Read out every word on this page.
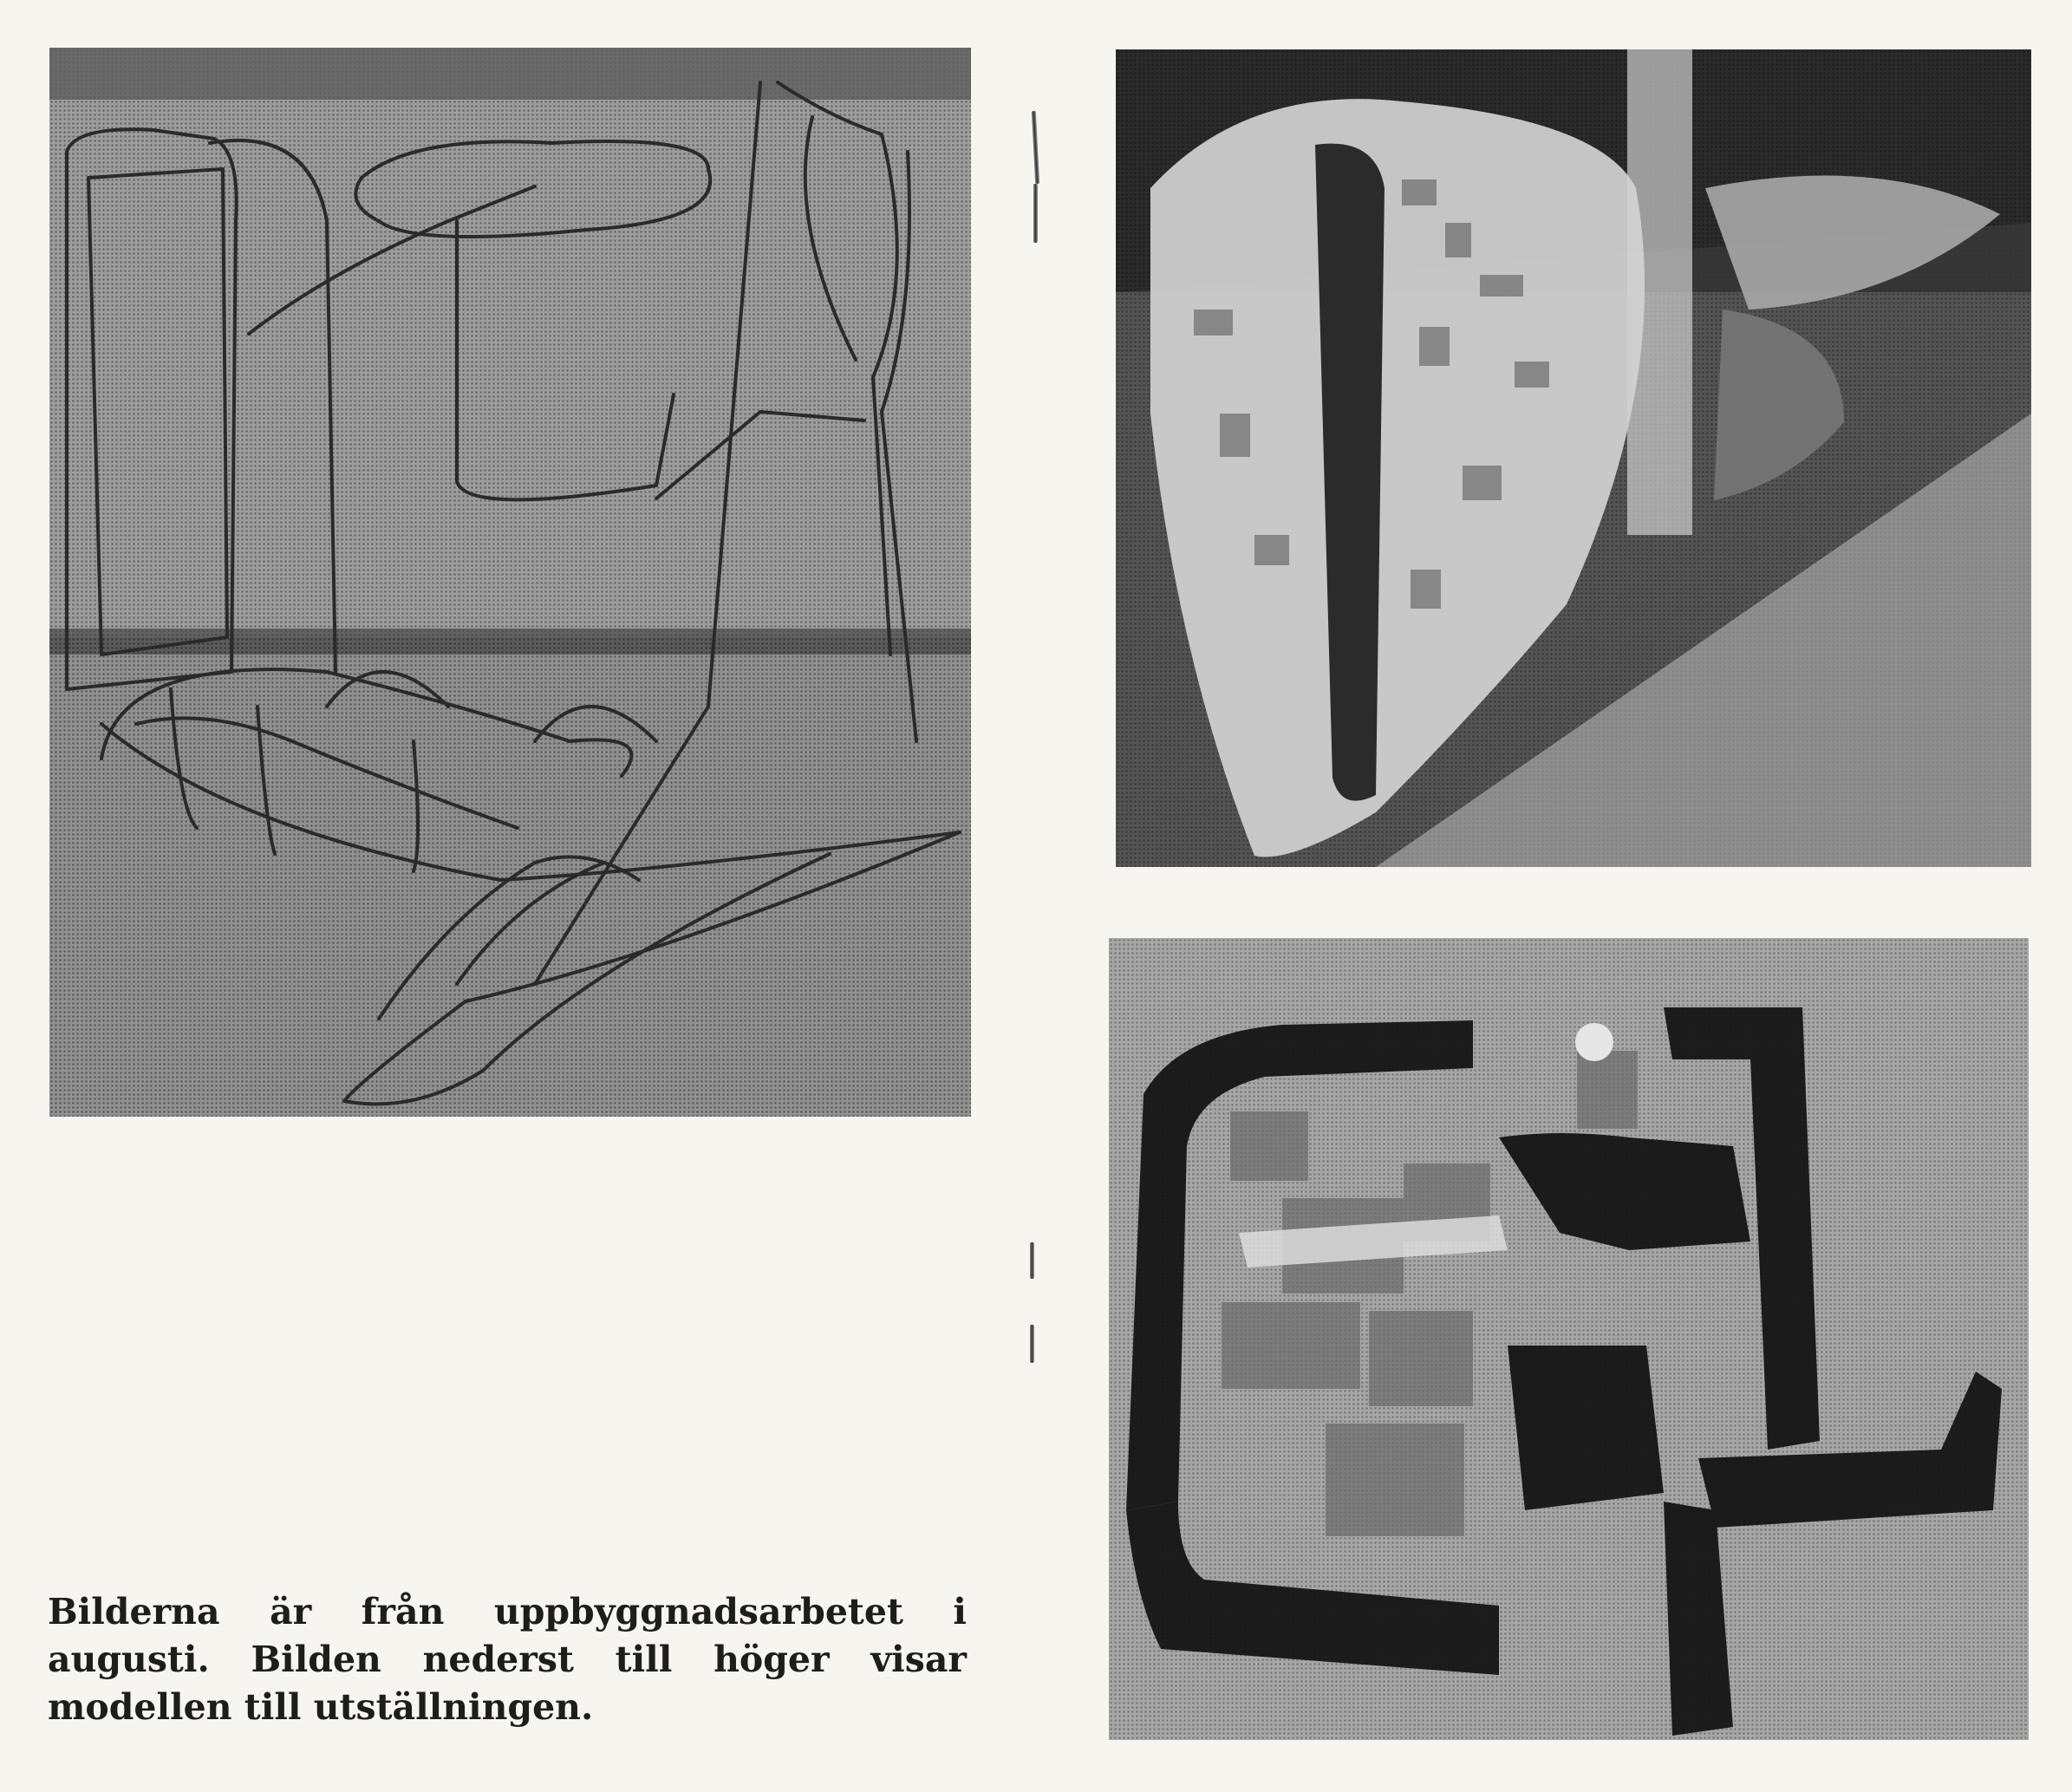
Bilderna är från uppbyggnadsarbetet i augusti. Bilden nederst till höger visar modellen till utställningen.
